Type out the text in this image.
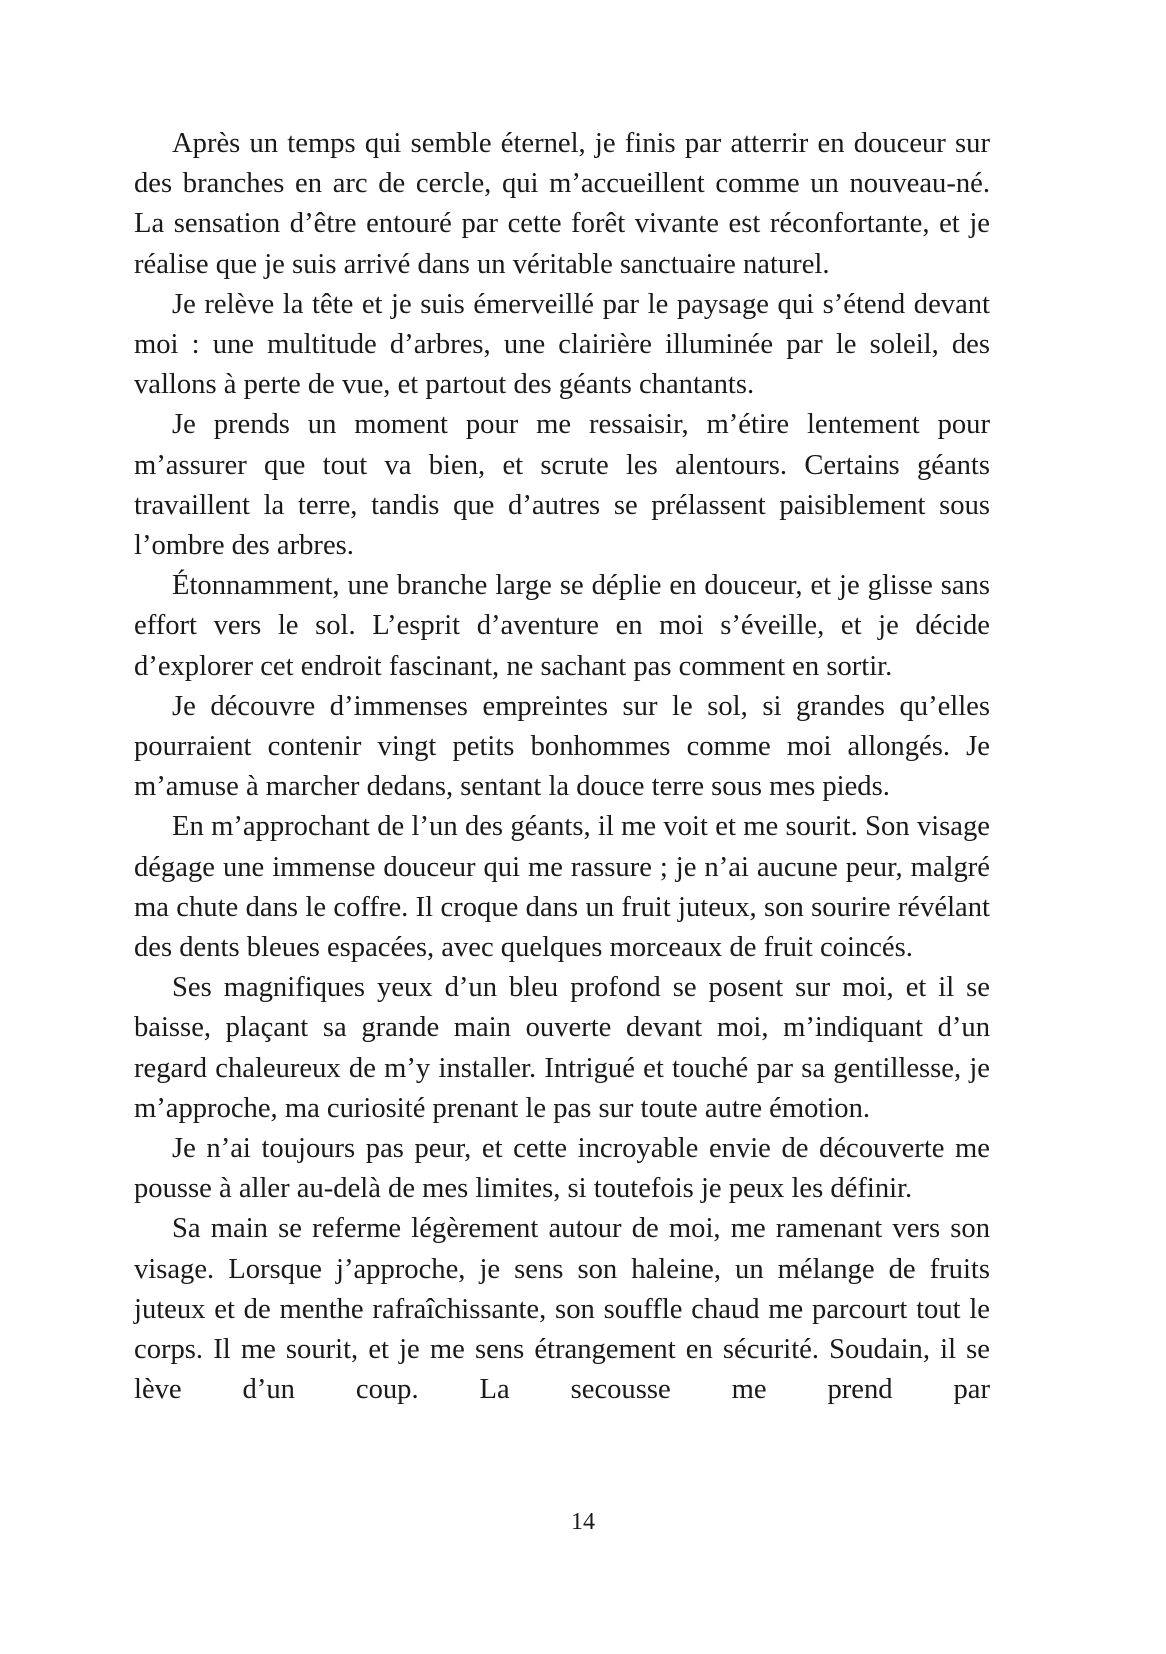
Après un temps qui semble éternel, je finis par atterrir en douceur sur des branches en arc de cercle, qui m’accueillent comme un nouveau-né. La sensation d’être entouré par cette forêt vivante est réconfortante, et je réalise que je suis arrivé dans un véritable sanctuaire naturel.

Je relève la tête et je suis émerveillé par le paysage qui s’étend devant moi : une multitude d’arbres, une clairière illuminée par le soleil, des vallons à perte de vue, et partout des géants chantants.

Je prends un moment pour me ressaisir, m’étire lentement pour m’assurer que tout va bien, et scrute les alentours. Certains géants travaillent la terre, tandis que d’autres se prélassent paisiblement sous l’ombre des arbres.

Étonnamment, une branche large se déplie en douceur, et je glisse sans effort vers le sol. L’esprit d’aventure en moi s’éveille, et je décide d’explorer cet endroit fascinant, ne sachant pas comment en sortir.

Je découvre d’immenses empreintes sur le sol, si grandes qu’elles pourraient contenir vingt petits bonhommes comme moi allongés. Je m’amuse à marcher dedans, sentant la douce terre sous mes pieds.

En m’approchant de l’un des géants, il me voit et me sourit. Son visage dégage une immense douceur qui me rassure ; je n’ai aucune peur, malgré ma chute dans le coffre. Il croque dans un fruit juteux, son sourire révélant des dents bleues espacées, avec quelques morceaux de fruit coincés.

Ses magnifiques yeux d’un bleu profond se posent sur moi, et il se baisse, plaçant sa grande main ouverte devant moi, m’indiquant d’un regard chaleureux de m’y installer. Intrigué et touché par sa gentillesse, je m’approche, ma curiosité prenant le pas sur toute autre émotion.

Je n’ai toujours pas peur, et cette incroyable envie de découverte me pousse à aller au-delà de mes limites, si toutefois je peux les définir.

Sa main se referme légèrement autour de moi, me ramenant vers son visage. Lorsque j’approche, je sens son haleine, un mélange de fruits juteux et de menthe rafraîchissante, son souffle chaud me parcourt tout le corps. Il me sourit, et je me sens étrangement en sécurité. Soudain, il se lève d’un coup. La secousse me prend par

14
